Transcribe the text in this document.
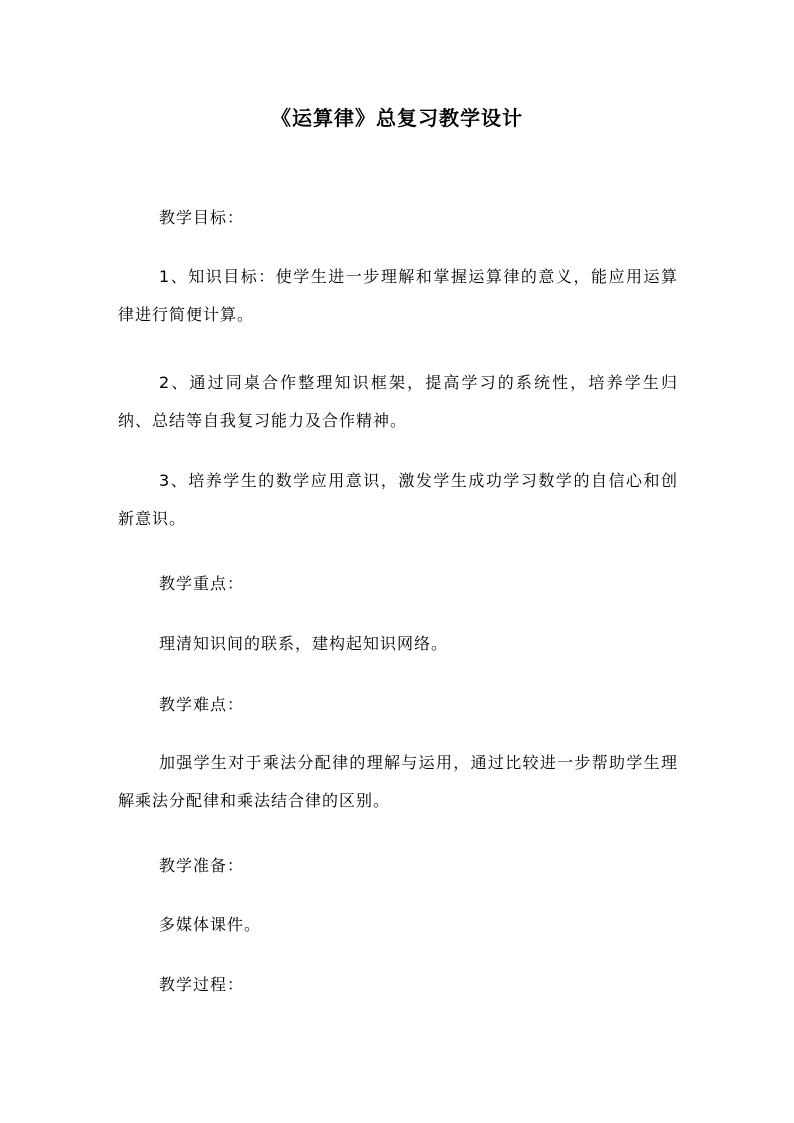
《运算律》总复习教学设计

教学目标：

1、知识目标：使学生进一步理解和掌握运算律的意义，能应用运算律进行简便计算。

2、通过同桌合作整理知识框架，提高学习的系统性，培养学生归纳、总结等自我复习能力及合作精神。

3、培养学生的数学应用意识，激发学生成功学习数学的自信心和创新意识。

教学重点：

理清知识间的联系，建构起知识网络。

教学难点：

加强学生对于乘法分配律的理解与运用，通过比较进一步帮助学生理解乘法分配律和乘法结合律的区别。

教学准备：

多媒体课件。

教学过程：
